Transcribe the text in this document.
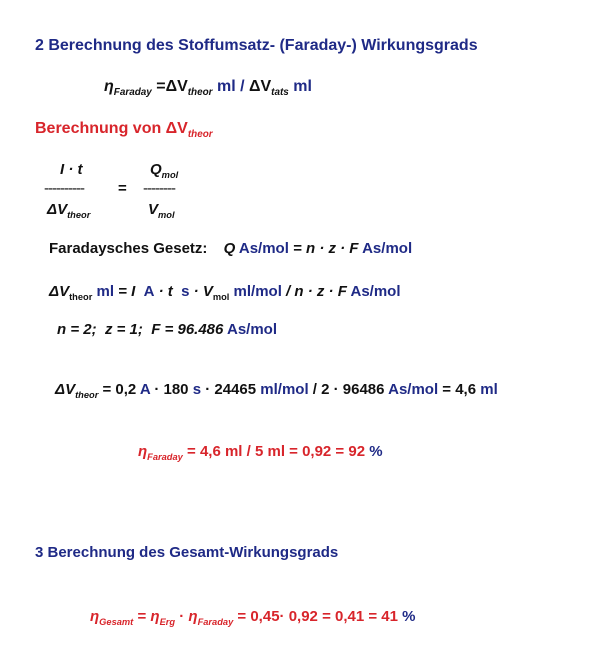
2 Berechnung des Stoffumsatz- (Faraday-) Wirkungsgrads
$\eta_{Faraday} =\Delta V_{theor}$ ml / $\Delta V_{tats}$ ml
Berechnung von $\Delta V_{theor}$
I · t
----------
$\Delta V_{theor}$
=
$Q_{mol}$
--------
$V_{mol}$
Faradaysches Gesetz: Q As/mol = n · z · F As/mol
$\Delta V_{theor}$ ml = I A · t $s \cdot V_{mol}$ ml/mol / n · z · F As/mol
n = 2; z = 1; F = 96.486 As/mol
$\Delta V_{theor} = 0,2$ A · 180 s · 24465 ml/mol / 2 · 96486 As/mol = 4,6 ml
$\eta_{Faraday} = 4,6$ ml / 5 ml = 0,92 = 92 %
3 Berechnung des Gesamt-Wirkungsgrads
$\eta_{Gesamt} = \eta_{Erg} \cdot \eta_{Faraday} = 0,45\cdot 0,92 = 0,41 = 41$ %
